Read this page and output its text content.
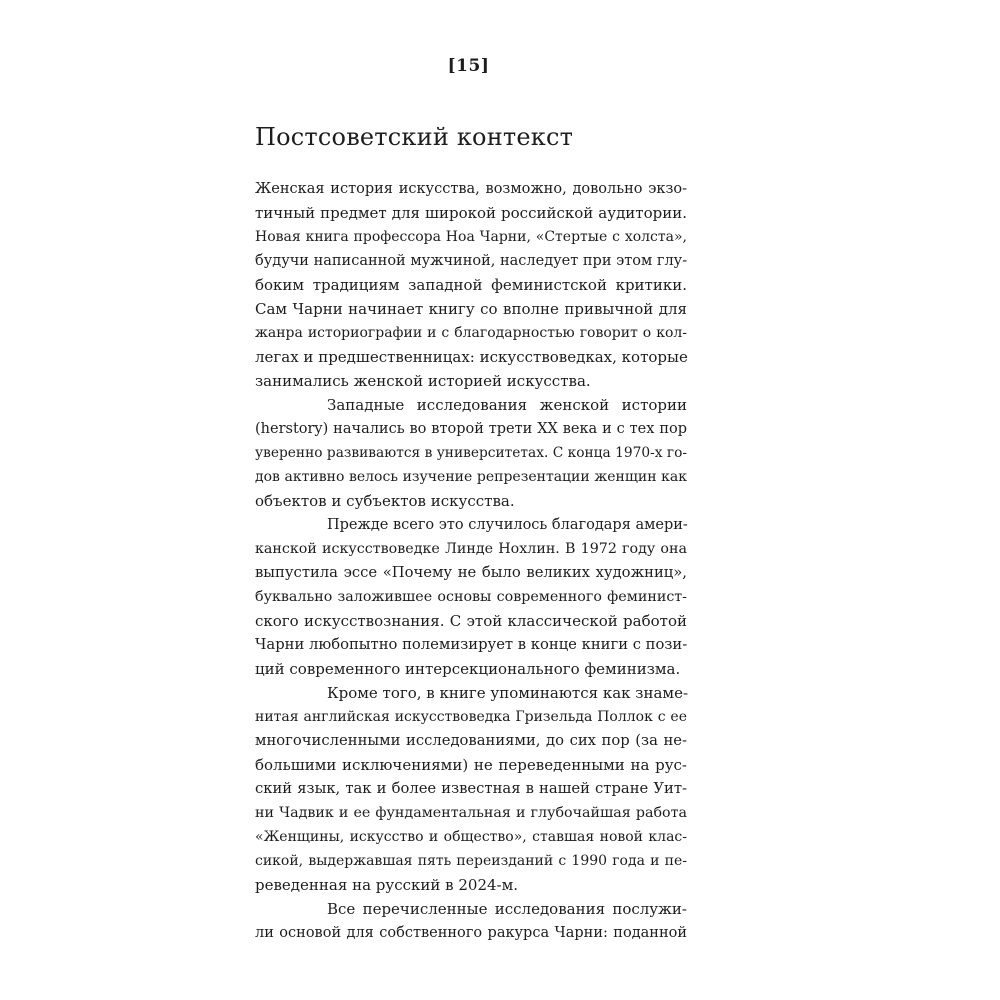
[15]
Постсоветский контекст
Женская история искусства, возможно, довольно экзо-
тичный предмет для широкой российской аудитории.
Новая книга профессора Ноа Чарни, «Стертые с холста»,
будучи написанной мужчиной, наследует при этом глу-
боким традициям западной феминистской критики.
Сам Чарни начинает книгу со вполне привычной для
жанра историографии и с благодарностью говорит о кол-
легах и предшественницах: искусствоведках, которые
занимались женской историей искусства.
Западные исследования женской истории
(herstory) начались во второй трети XX века и с тех пор
уверенно развиваются в университетах. С конца 1970-х го-
дов активно велось изучение репрезентации женщин как
объектов и субъектов искусства.
Прежде всего это случилось благодаря амери-
канской искусствоведке Линде Нохлин. В 1972 году она
выпустила эссе «Почему не было великих художниц»,
буквально заложившее основы современного феминист-
ского искусствознания. С этой классической работой
Чарни любопытно полемизирует в конце книги с пози-
ций современного интерсекционального феминизма.
Кроме того, в книге упоминаются как знаме-
нитая английская искусствоведка Гризельда Поллок с ее
многочисленными исследованиями, до сих пор (за не-
большими исключениями) не переведенными на рус-
ский язык, так и более известная в нашей стране Уит-
ни Чадвик и ее фундаментальная и глубочайшая работа
«Женщины, искусство и общество», ставшая новой клас-
сикой, выдержавшая пять переизданий с 1990 года и пе-
реведенная на русский в 2024-м.
Все перечисленные исследования послужи-
ли основой для собственного ракурса Чарни: поданной
